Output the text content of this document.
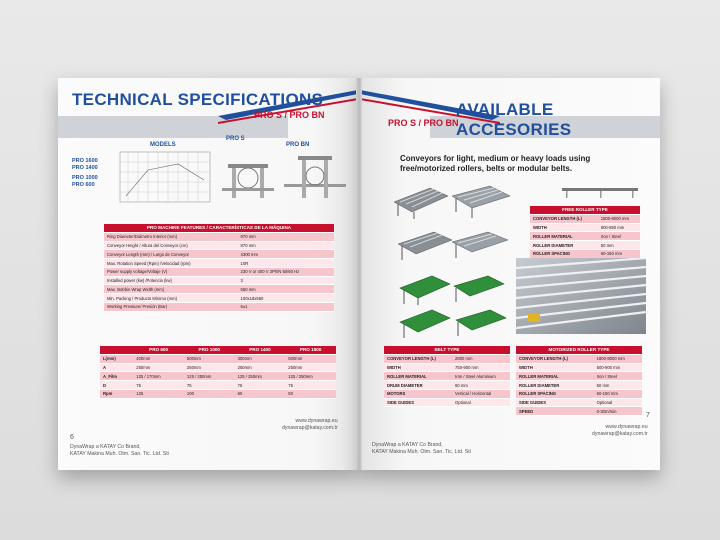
TECHNICAL SPECIFICATIONS
PRO S / PRO BN
MODELS
PRO S
PRO BN
PRO 1600
PRO 1400
PRO 1000
PRO 600
PRO MACHINE FEATURES / CARACTERÍSTICAS DE LA MÁQUINA	
Ring Diameter/Diámetro Interior (mm)	970 mm
Conveyor Height / Altura del Conveyor (cm)	870 mm
Conveyor Length (mm) / Largo de Conveyor	4300 mm
Max. Rotation Speed (Rpm) /Velocidad (rpm)	10R
Power supply voltage/Voltaje (V)	230 V or 400 V 3Ph/N 50/60 Hz
Installed power (kw) /Potencia (kw)	3
Max. Bobbin Wrap Width (mm)	550 mm
Min. Packing / Producto Mínimo (mm)	100x18x550
Working Pressure/ Presión (Bar)	5±1
	PRO 600	PRO 1000	PRO 1400	PRO 1800
L(mm)	400mm	500mm	300mm	500mm
A	250mm	250mm	250mm	250mm
A_Film	125 / 170mm	125 / 250mm	125 / 250mm	125 / 250mm
D	75	75	75	75
Rpm	125	100	60	50
6
DynaWrap a KATAY Co Brand,
KATAY Makina Muh. Otm. San. Tic. Ltd. Sti
www.dynawrap.eu
dynawrap@katay.com.tr
AVAILABLE ACCESORIES
PRO S / PRO BN
Conveyors for light, medium or heavy loads using free/motorized rollers, belts or modular belts.
FREE ROLLER TYPE	
CONVEYOR LENGTH (L)	1800-8000 mm
WIDTH	600-850 mm
ROLLER MATERIAL	Iron / Steel
ROLLER DIAMETER	50 mm
ROLLER SPACING	60-150 mm

BELT TYPE	
CONVEYOR LENGTH (L)	2800 mm
WIDTH	750-900 mm
ROLLER MATERIAL	Iron / Steel Aluminium
DRUM DIAMETER	60 mm
MOTORS	Vertical / Horizontal
SIDE GUIDES	Optional
MOTORIZED ROLLER TYPE	
CONVEYOR LENGTH (L)	1800-8000 mm
WIDTH	500-900 mm
ROLLER MATERIAL	Iron / Steel
ROLLER DIAMETER	50 mm
ROLLER SPACING	60-150 mm
SIDE GUIDES	Optional
SPEED	0-30m/min
DynaWrap a KATAY Co Brand,
KATAY Makina Muh. Otm. San. Tic. Ltd. Sti
7
www.dynawrap.eu
dynawrap@katay.com.tr
